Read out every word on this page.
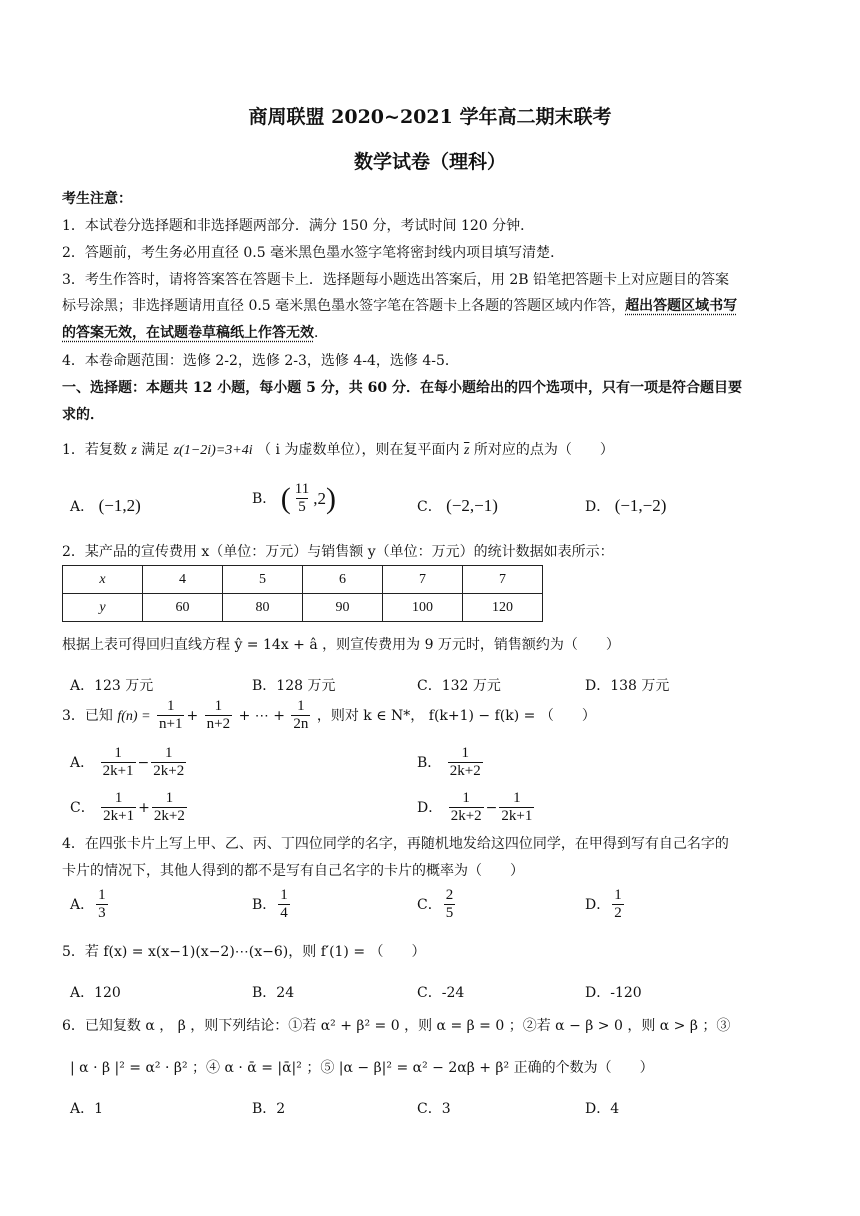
商周联盟 2020~2021 学年高二期末联考
数学试卷（理科）
考生注意：
1．本试卷分选择题和非选择题两部分．满分 150 分，考试时间 120 分钟．
2．答题前，考生务必用直径 0.5 毫米黑色墨水签字笔将密封线内项目填写清楚．
3．考生作答时，请将答案答在答题卡上．选择题每小题选出答案后，用 2B 铅笔把答题卡上对应题目的答案
标号涂黑；非选择题请用直径 0.5 毫米黑色墨水签字笔在答题卡上各题的答题区域内作答，超出答题区域书写
的答案无效，在试题卷草稿纸上作答无效．
4．本卷命题范围：选修 2-2，选修 2-3，选修 4-4，选修 4-5．
一、选择题：本题共 12 小题，每小题 5 分，共 60 分．在每小题给出的四个选项中，只有一项是符合题目要
求的．
1．若复数 z 满足 z(1−2i)=3+4i （ i 为虚数单位），则在复平面内 $\overline{z}$ 所对应的点为（　　）
A． (−1,2)	B． ( $\frac{11}{5} ,2$)	C． (−2,−1)	D． (−1,−2)
2．某产品的宣传费用 x（单位：万元）与销售额 y（单位：万元）的统计数据如表所示：
x	4	5	6	7	7
y	60	80	90	100	120
根据上表可得回归直线方程 ŷ = 14x + â ，则宣传费用为 9 万元时，销售额约为（　　）
A．123 万元	B．128 万元	C．132 万元	D．138 万元
3．已知 $f(n) = \frac{1}{n+1} + \frac{1}{n+2}$ + ⋯ + $\frac{1}{2n}$ ，则对 k ∈ N*， f(k+1) − f(k) = （　　）
A． $\frac{1}{2k+1} - \frac{1}{2k+2}$	B． $\frac{1}{2k+2}$
C． $\frac{1}{2k+1} + \frac{1}{2k+2}$	D． $\frac{1}{2k+2} - \frac{1}{2k+1}$
4．在四张卡片上写上甲、乙、丙、丁四位同学的名字，再随机地发给这四位同学，在甲得到写有自己名字的
卡片的情况下，其他人得到的都不是写有自己名字的卡片的概率为（　　）
A． $\frac{1}{3}$	B． $\frac{1}{4}$	C． $\frac{2}{5}$	D． $\frac{1}{2}$
5．若 f(x) = x(x−1)(x−2)⋯(x−6)，则 f′(1) = （　　）
A．120	B．24	C．-24	D．-120
6．已知复数 α ， β ，则下列结论：①若 α² + β² = 0 ，则 α = β = 0 ；②若 α − β > 0 ，则 α > β ；③
| α · β |² = α² · β² ；④ α · ᾱ = |ᾱ|² ；⑤ |α − β|² = α² − 2αβ + β² 正确的个数为（　　）
A．1	B．2	C．3	D．4
